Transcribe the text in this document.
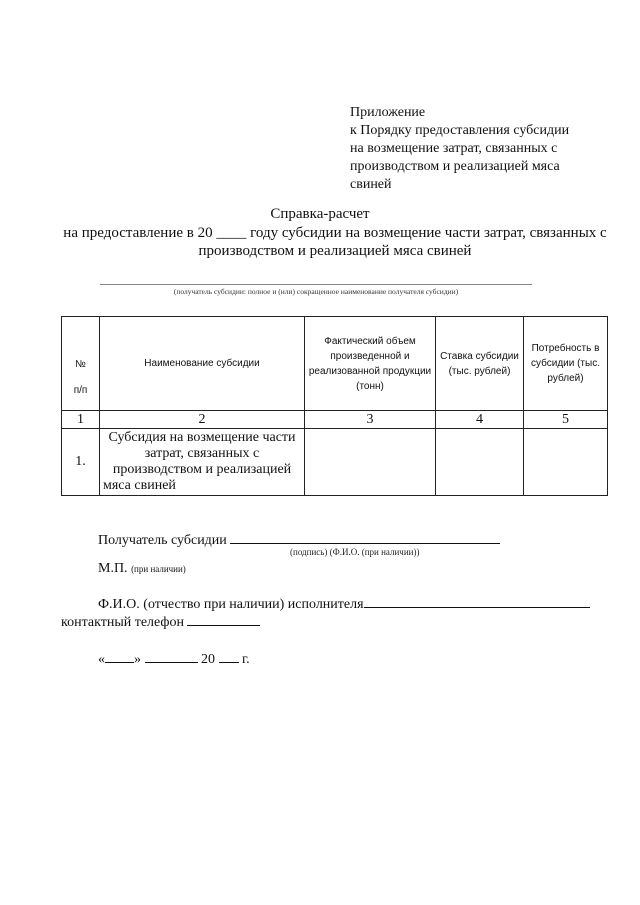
Приложение
к Порядку предоставления субсидии
на возмещение затрат, связанных с
производством и реализацией мяса
свиней
Справка-расчет
на предоставление в 20 ____ году субсидии на возмещение части затрат, связанных с
производством и реализацией мяса свиней
(получатель субсидии: полное и (или) сокращенное наименование получателя субсидии)
№
п/п	Наименование субсидии	Фактический объем произведенной и реализованной продукции (тонн)	Ставка субсидии (тыс. рублей)	Потребность в субсидии (тыс. рублей)
1	2	3	4	5
1.	Субсидия на возмещение части затрат, связанных с производством и реализацией мяса свиней			
Получатель субсидии
(подпись) (Ф.И.О. (при наличии))
М.П. (при наличии)
Ф.И.О. (отчество при наличии) исполнителя
контактный телефон
« »	20 г.
